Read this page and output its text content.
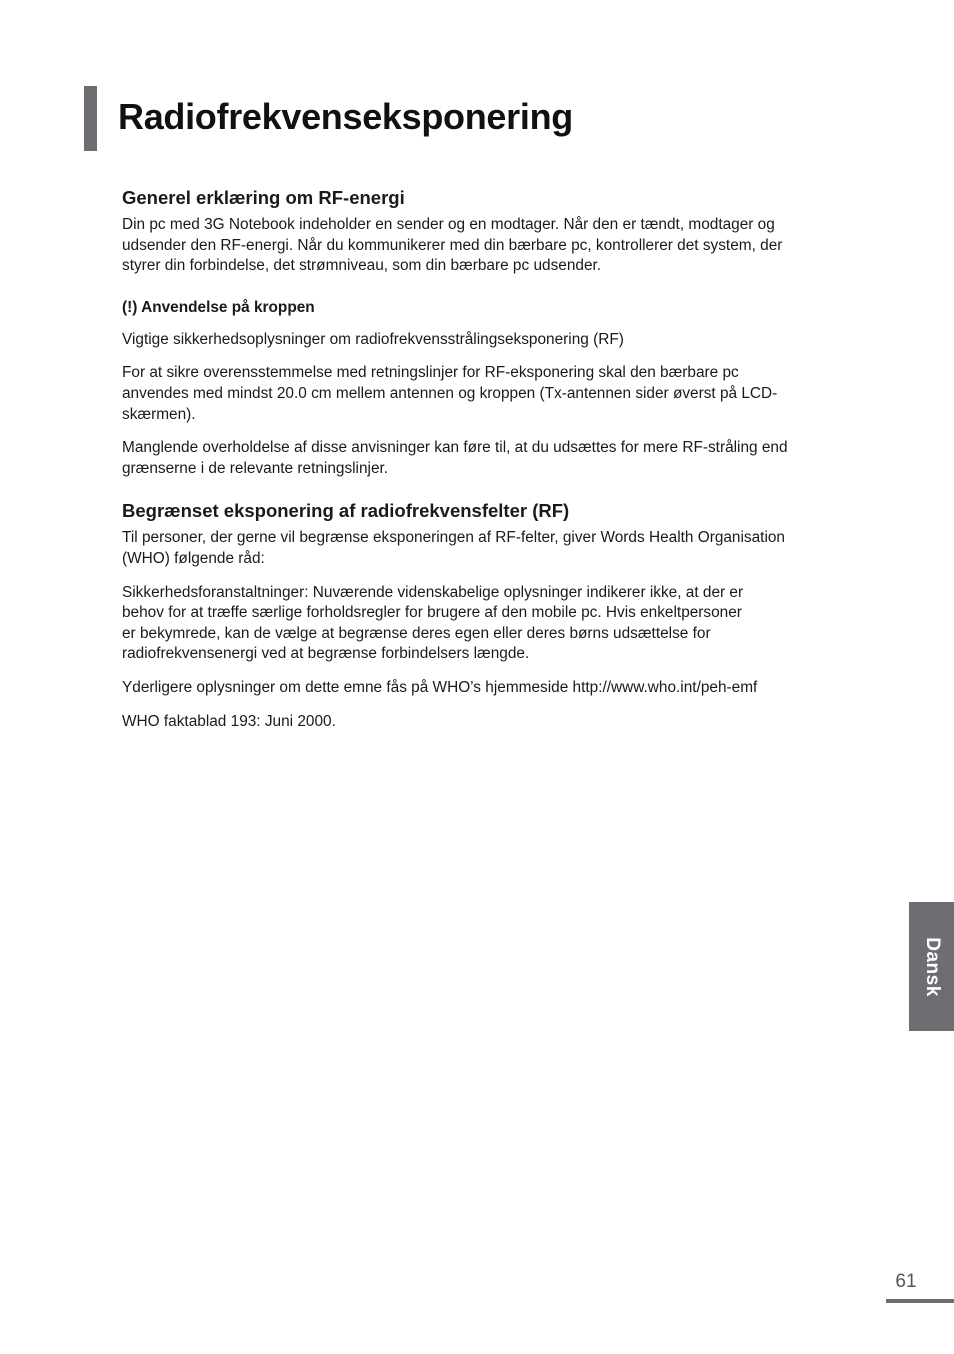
Radiofrekvenseksponering
Generel erklæring om RF-energi

Din pc med 3G Notebook indeholder en sender og en modtager. Når den er tændt, modtager og
udsender den RF-energi. Når du kommunikerer med din bærbare pc, kontrollerer det system, der
styrer din forbindelse, det strømniveau, som din bærbare pc udsender.

(!) Anvendelse på kroppen

Vigtige sikkerhedsoplysninger om radiofrekvensstrålingseksponering (RF)

For at sikre overensstemmelse med retningslinjer for RF-eksponering skal den bærbare pc
anvendes med mindst 20.0 cm mellem antennen og kroppen (Tx-antennen sider øverst på LCD-
skærmen).

Manglende overholdelse af disse anvisninger kan føre til, at du udsættes for mere RF-stråling end
grænserne i de relevante retningslinjer.

Begrænset eksponering af radiofrekvensfelter (RF)

Til personer, der gerne vil begrænse eksponeringen af RF-felter, giver Words Health Organisation
(WHO) følgende råd:

Sikkerhedsforanstaltninger: Nuværende videnskabelige oplysninger indikerer ikke, at der er
behov for at træffe særlige forholdsregler for brugere af den mobile pc. Hvis enkeltpersoner
er bekymrede, kan de vælge at begrænse deres egen eller deres børns udsættelse for
radiofrekvensenergi ved at begrænse forbindelsers længde.

Yderligere oplysninger om dette emne fås på WHO’s hjemmeside http://www.who.int/peh-emf

WHO faktablad 193: Juni 2000.

Dansk
61
